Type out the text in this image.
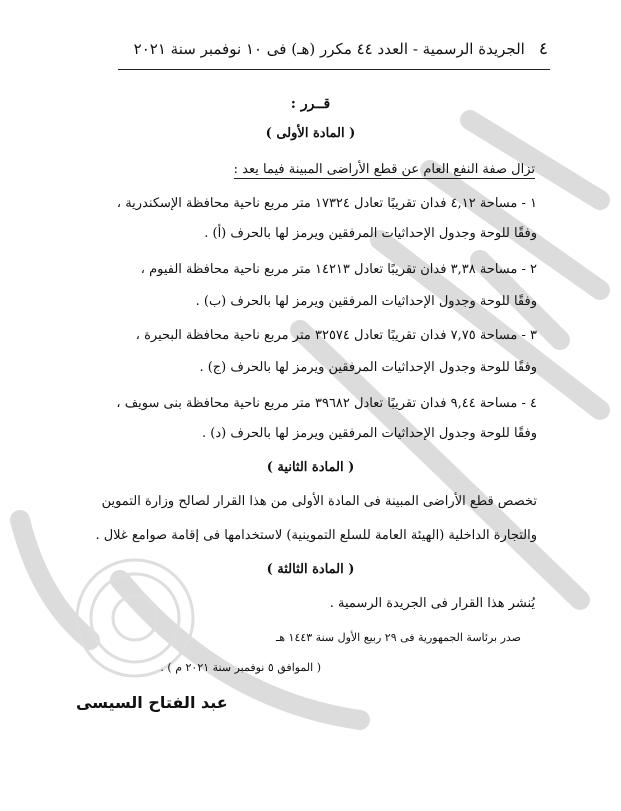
٤
الجريدة الرسمية - العدد ٤٤ مكرر (هـ) فى ١٠ نوفمبر سنة ٢٠٢١
قــرر :
( المادة الأولى )
تزال صفة النفع العام عن قطع الأراضى المبينة فيما يعد :
١ - مساحة ٤,١٢ فدان تقريبًا تعادل ١٧٣٢٤ متر مربع ناحية محافظة الإسكندرية ،
وفقًا للوحة وجدول الإحداثيات المرفقين ويرمز لها بالحرف (أ) .
٢ - مساحة ٣,٣٨ فدان تقريبًا تعادل ١٤٢١٣ متر مربع ناحية محافظة الفيوم ،
وفقًا للوحة وجدول الإحداثيات المرفقين ويرمز لها بالحرف (ب) .
٣ - مساحة ٧,٧٥ فدان تقريبًا تعادل ٣٢٥٧٤ متر مربع ناحية محافظة البحيرة ،
وفقًا للوحة وجدول الإحداثيات المرفقين ويرمز لها بالحرف (ج) .
٤ - مساحة ٩,٤٤ فدان تقريبًا تعادل ٣٩٦٨٢ متر مربع ناحية محافظة بنى سويف ،
وفقًا للوحة وجدول الإحداثيات المرفقين ويرمز لها بالحرف (د) .
( المادة الثانية )
تخصص قطع الأراضى المبينة فى المادة الأولى من هذا القرار لصالح وزارة التموين
والتجارة الداخلية (الهيئة العامة للسلع التموينية) لاستخدامها فى إقامة صوامع غلال .
( المادة الثالثة )
يُنشر هذا القرار فى الجريدة الرسمية .
صدر برئاسة الجمهورية فى ٢٩ ربيع الأول سنة ١٤٤٣ هـ
( الموافق ٥ نوفمبر سنة ٢٠٢١ م ) .
عبد الفتاح السيسى
